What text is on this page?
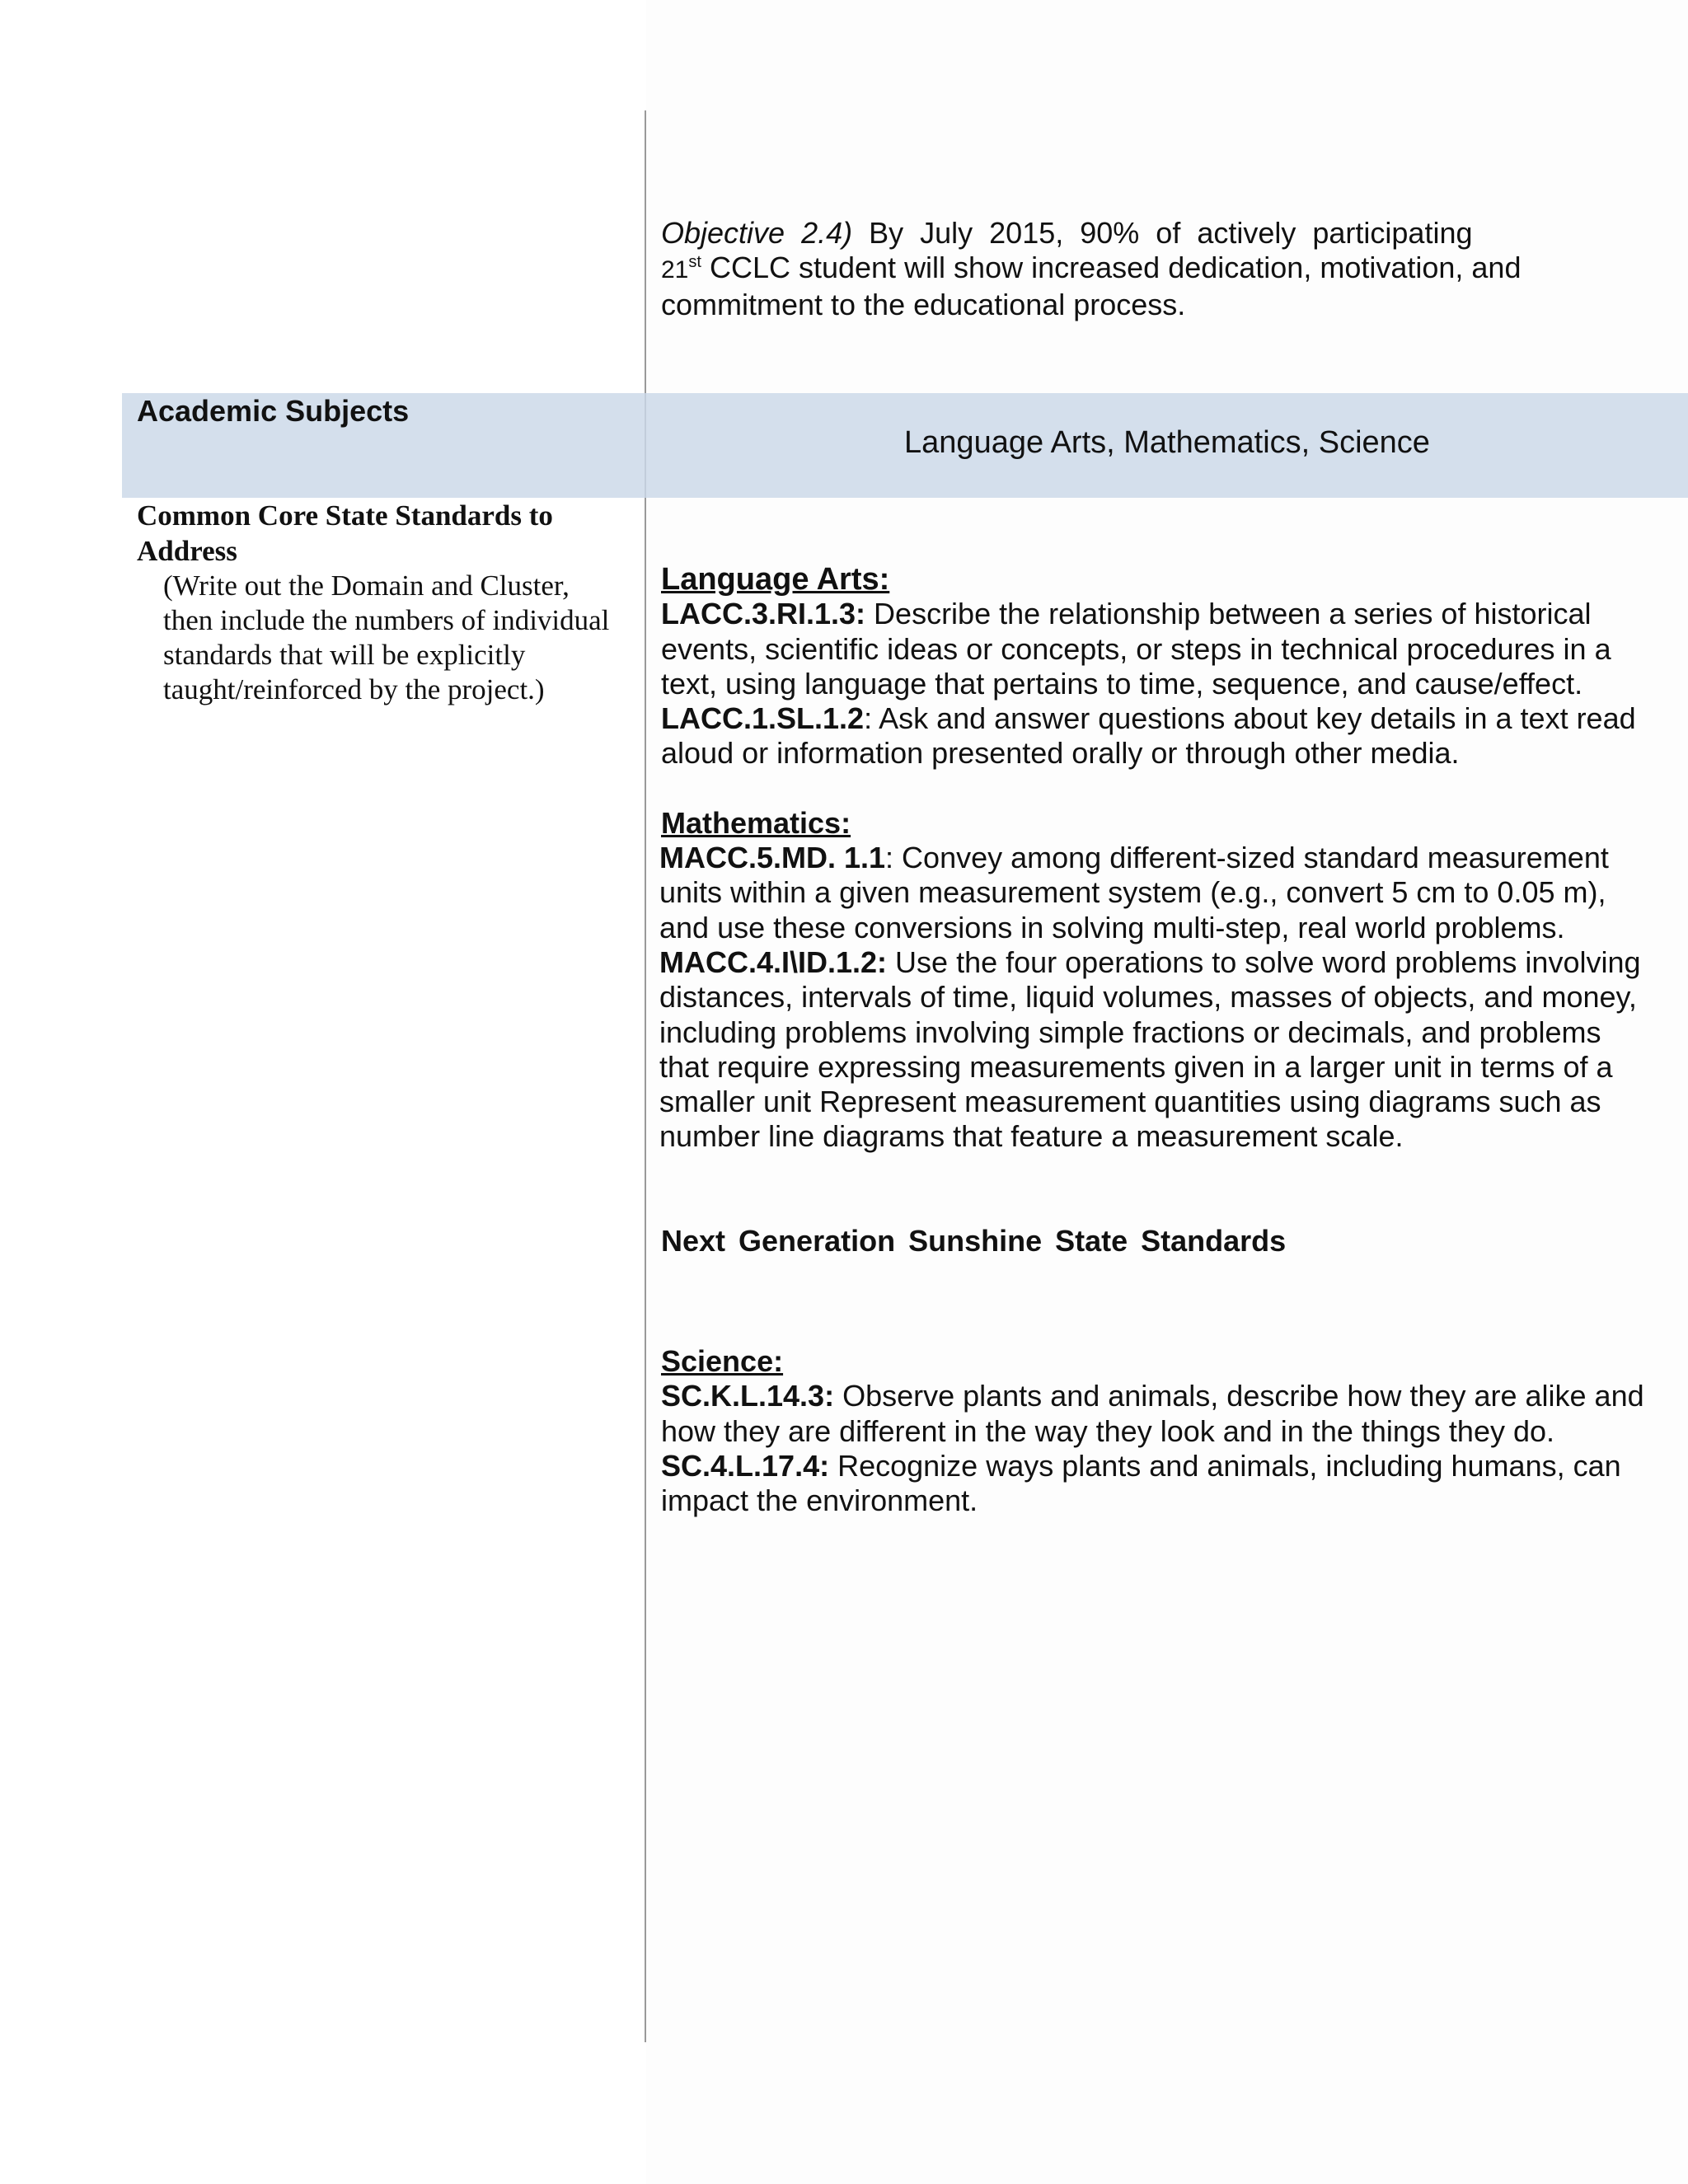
Objective 2.4) By July 2015, 90% of actively participating
21st CCLC student will show increased dedication, motivation, and
commitment to the educational process.
Academic Subjects
Language Arts, Mathematics, Science
Common Core State Standards to Address
(Write out the Domain and Cluster, then include the numbers of individual standards that will be explicitly taught/reinforced by the project.)

Language Arts:

LACC.3.RI.1.3: Describe the relationship between a series of historical events, scientific ideas or concepts, or steps in technical procedures in a text, using language that pertains to time, sequence, and cause/effect.

LACC.1.SL.1.2: Ask and answer questions about key details in a text read aloud or information presented orally or through other media.

Mathematics:

MACC.5.MD. 1.1: Convey among different-sized standard measurement units within a given measurement system (e.g., convert 5 cm to 0.05 m), and use these conversions in solving multi-step, real world problems.

MACC.4.I\ID.1.2: Use the four operations to solve word problems involving distances, intervals of time, liquid volumes, masses of objects, and money, including problems involving simple fractions or decimals, and problems that require expressing measurements given in a larger unit in terms of a smaller unit Represent measurement quantities using diagrams such as number line diagrams that feature a measurement scale.

Next Generation Sunshine State Standards

Science:

SC.K.L.14.3: Observe plants and animals, describe how they are alike and how they are different in the way they look and in the things they do.

SC.4.L.17.4: Recognize ways plants and animals, including humans, can impact the environment.
